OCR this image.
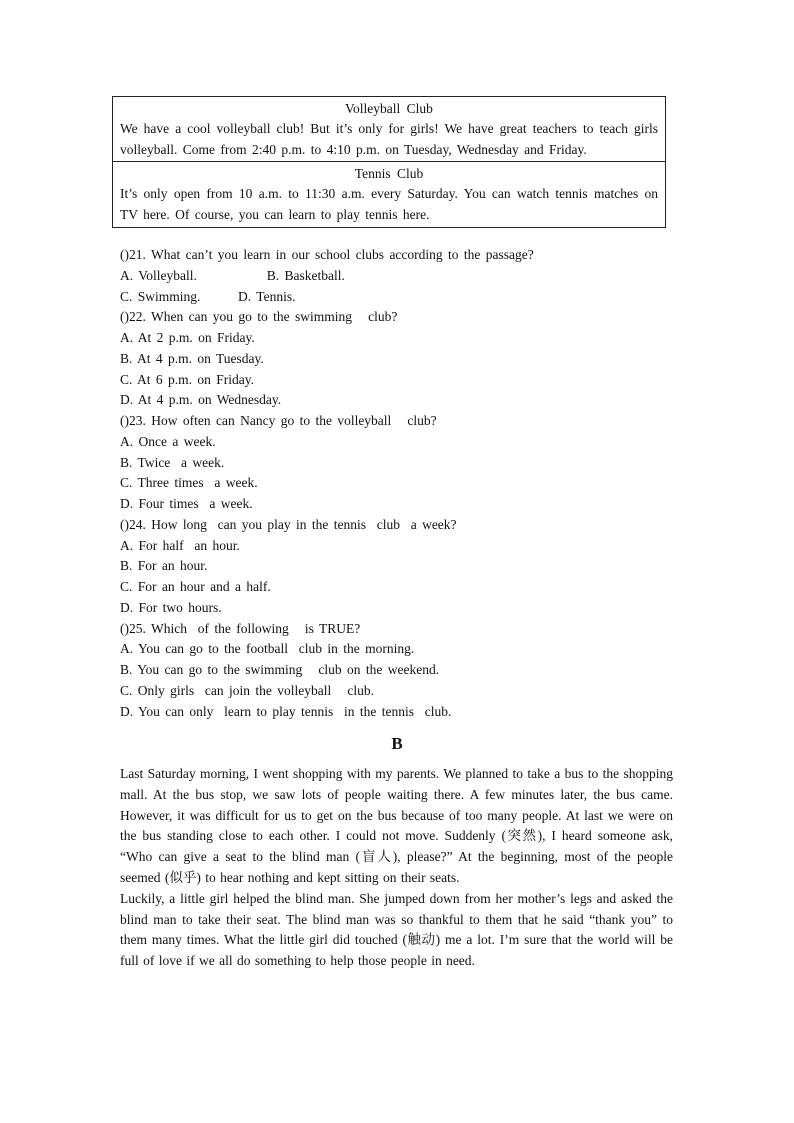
Volleyball Club
We have a cool volleyball club! But it’s only for girls! We have great teachers to teach girls volleyball. Come from 2:40 p.m. to 4:10 p.m. on Tuesday, Wednesday and Friday.
Tennis Club
It’s only open from 10 a.m. to 11:30 a.m. every Saturday. You can watch tennis matches on TV here. Of course, you can learn to play tennis here.
()21. What can’t you learn in our school clubs according to the passage?
A. Volleyball.             B. Basketball.
C. Swimming.       D. Tennis.
()22. When can you go to the swimming   club?
A. At 2 p.m. on Friday.
B. At 4 p.m. on Tuesday.
C. At 6 p.m. on Friday.
D. At 4 p.m. on Wednesday.
()23. How often can Nancy go to the volleyball   club?
A. Once a week.
B. Twice  a week.
C. Three times  a week.
D. Four times  a week.
()24. How long  can you play in the tennis  club  a week?
A. For half  an hour.
B. For an hour.
C. For an hour and a half.
D. For two hours.
()25. Which  of the following   is TRUE?
A. You can go to the football  club in the morning.
B. You can go to the swimming   club on the weekend.
C. Only girls  can join the volleyball   club.
D. You can only  learn to play tennis  in the tennis  club.
B

Last Saturday morning, I went shopping with my parents. We planned to take a bus to the shopping mall. At the bus stop, we saw lots of people waiting there. A few minutes later, the bus came. However, it was difficult for us to get on the bus because of too many people. At last we were on the bus standing close to each other. I could not move. Suddenly (突然), I heard someone ask, “Who can give a seat to the blind man (盲人), please?” At the beginning, most of the people seemed (似乎) to hear nothing and kept sitting on their seats.

Luckily, a little girl helped the blind man. She jumped down from her mother’s legs and asked the blind man to take their seat. The blind man was so thankful to them that he said “thank you” to them many times. What the little girl did touched (触动) me a lot. I’m sure that the world will be full of love if we all do something to help those people in need.
